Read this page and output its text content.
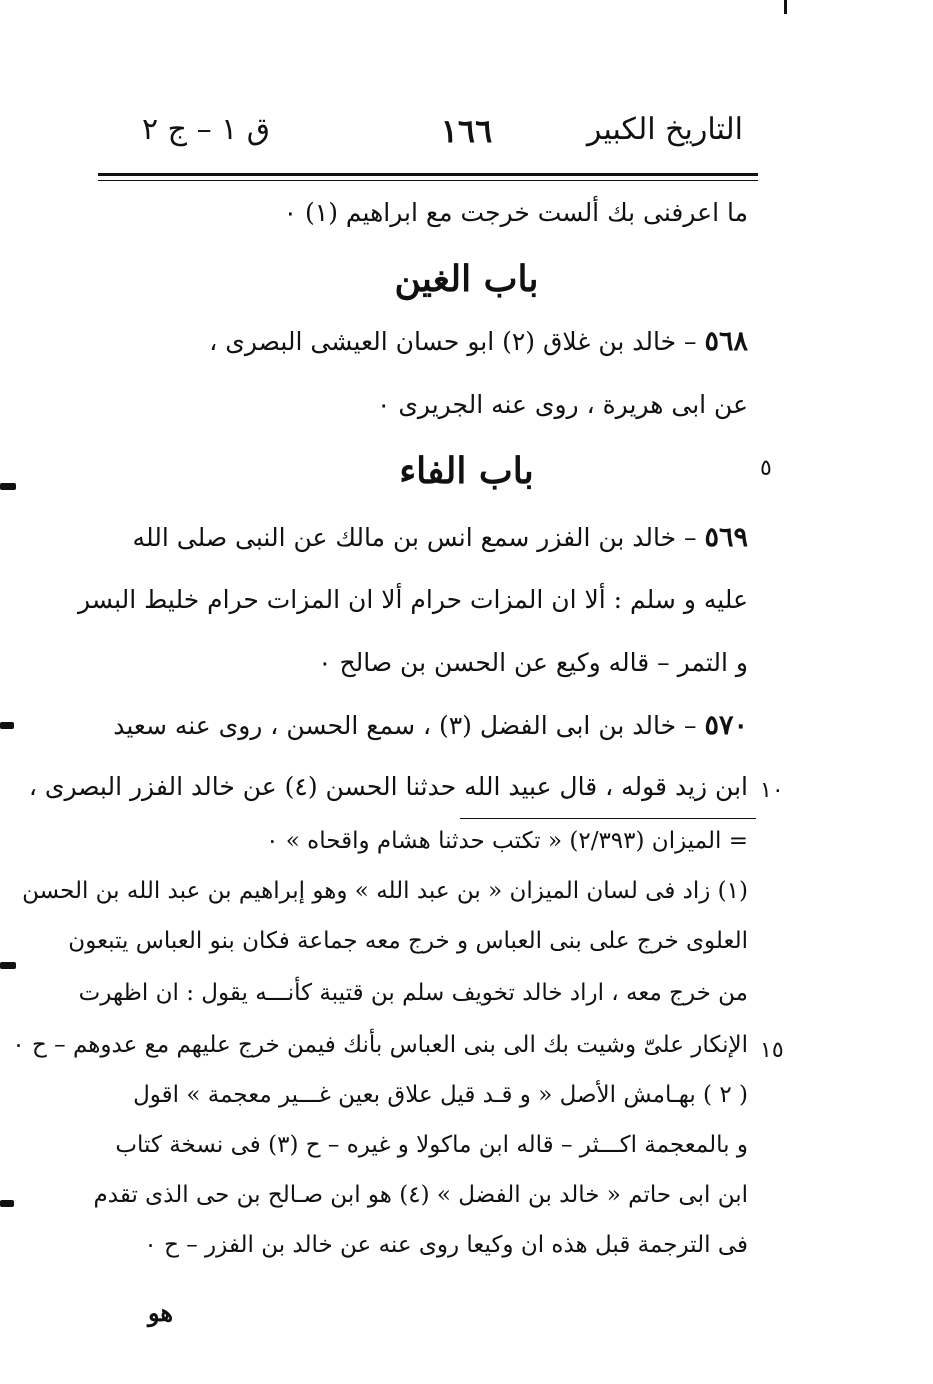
التاريخ الكبير
١٦٦
ق ١ – ج ٢
ما اعرفنى بك ألست خرجت مع ابراهيم (١) ٠
باب الغين
٥٦٨ – خالد بن غلاق (٢) ابو حسان العيشى البصرى ،
عن ابى هريرة ، روى عنه الجريرى ٠
باب الفاء	٥
٥٦٩ – خالد بن الفزر سمع انس بن مالك عن النبى صلى الله
عليه و سلم : ألا ان المزات حرام ألا ان المزات حرام خليط البسر
و التمر – قاله وكيع عن الحسن بن صالح ٠
٥٧٠ – خالد بن ابى الفضل (٣) ، سمع الحسن ، روى عنه سعيد
ابن زيد قوله ، قال عبيد الله حدثنا الحسن (٤) عن خالد الفزر البصرى ، ١٠
= الميزان (٢/٣٩٣) « تكتب حدثنا هشام واقحاه » ٠
(١) زاد فى لسان الميزان « بن عبد الله » وهو إبراهيم بن عبد الله بن الحسن
العلوى خرج على بنى العباس و خرج معه جماعة فكان بنو العباس يتبعون
من خرج معه ، اراد خالد تخويف سلم بن قتيبة كأنـــه يقول : ان اظهرت
الإنكار علىّ وشيت بك الى بنى العباس بأنك فيمن خرج عليهم مع عدوهم – ح ٠ ١٥
( ٢ ) بهـامش الأصل « و قـد قيل علاق بعين غـــير معجمة » اقول
و بالمعجمة اكـــثر – قاله ابن ماكولا و غيره – ح (٣) فى نسخة كتاب
ابن ابى حاتم « خالد بن الفضل » (٤) هو ابن صـالح بن حى الذى تقدم
فى الترجمة قبل هذه ان وكيعا روى عنه عن خالد بن الفزر – ح ٠
هو
